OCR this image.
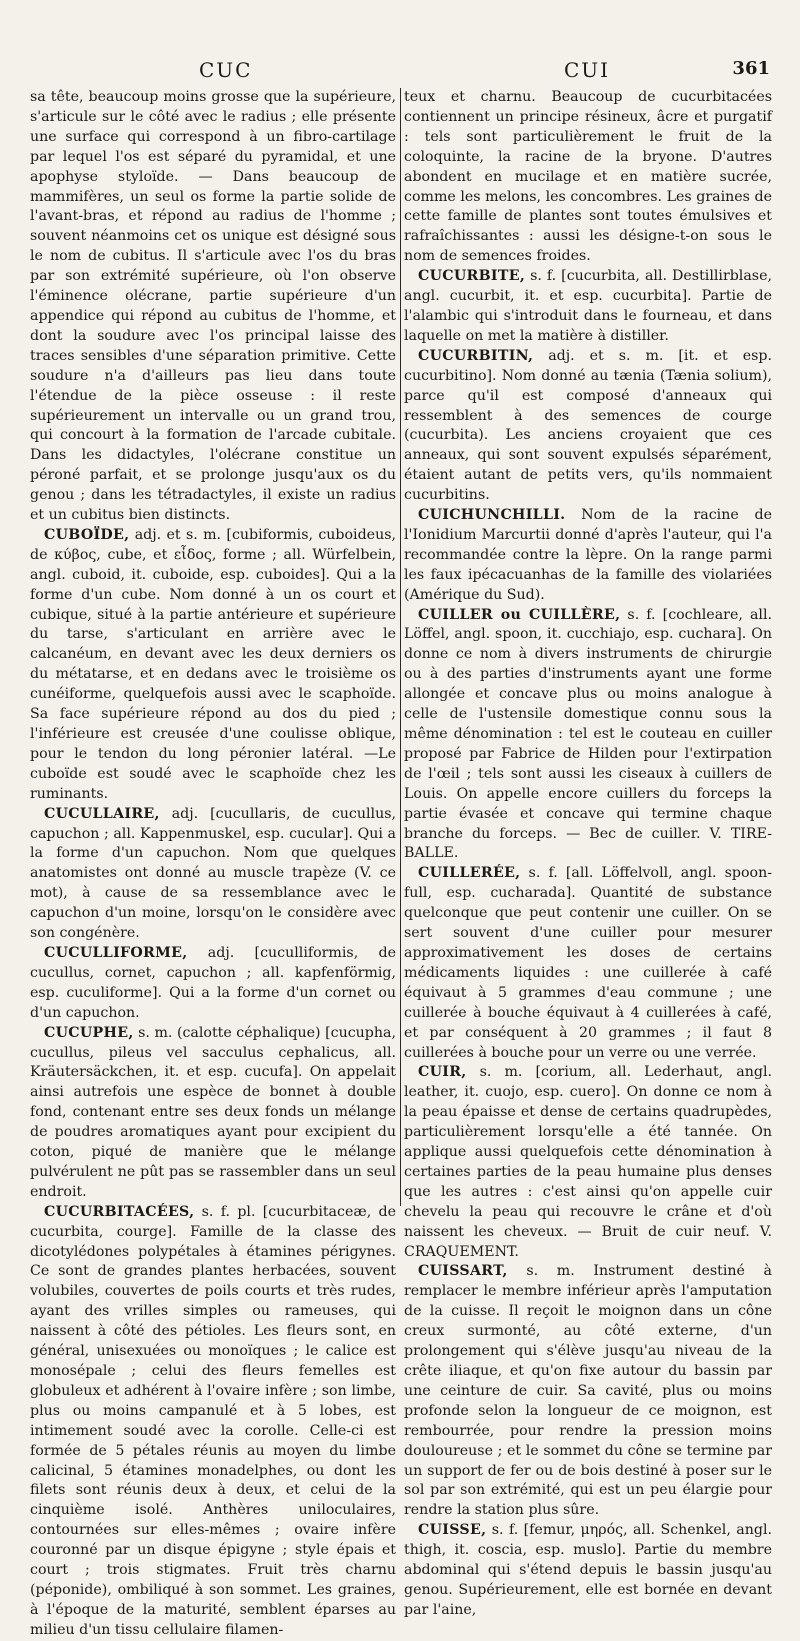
CUC	CUI	361

sa tête, beaucoup moins grosse que la supérieure, s'articule sur le côté avec le radius ; elle présente une surface qui correspond à un fibro-cartilage par lequel l'os est séparé du pyramidal, et une apophyse styloïde. — Dans beaucoup de mammifères, un seul os forme la partie solide de l'avant-bras, et répond au radius de l'homme ; souvent néanmoins cet os unique est désigné sous le nom de cubitus. Il s'articule avec l'os du bras par son extrémité supérieure, où l'on observe l'éminence olécrane, partie supérieure d'un appendice qui répond au cubitus de l'homme, et dont la soudure avec l'os principal laisse des traces sensibles d'une séparation primitive. Cette soudure n'a d'ailleurs pas lieu dans toute l'étendue de la pièce osseuse : il reste supérieurement un intervalle ou un grand trou, qui concourt à la formation de l'arcade cubitale. Dans les didactyles, l'olécrane constitue un péroné parfait, et se prolonge jusqu'aux os du genou ; dans les tétradactyles, il existe un radius et un cubitus bien distincts.

CUBOÏDE, adj. et s. m. [cubiformis, cuboideus, de κύβος, cube, et εἶδος, forme ; all. Würfelbein, angl. cuboid, it. cuboide, esp. cuboides]. Qui a la forme d'un cube. Nom donné à un os court et cubique, situé à la partie antérieure et supérieure du tarse, s'articulant en arrière avec le calcanéum, en devant avec les deux derniers os du métatarse, et en dedans avec le troisième os cunéiforme, quelquefois aussi avec le scaphoïde. Sa face supérieure répond au dos du pied ; l'inférieure est creusée d'une coulisse oblique, pour le tendon du long péronier latéral. —Le cuboïde est soudé avec le scaphoïde chez les ruminants.

CUCULLAIRE, adj. [cucullaris, de cucullus, capuchon ; all. Kappenmuskel, esp. cucular]. Qui a la forme d'un capuchon. Nom que quelques anatomistes ont donné au muscle trapèze (V. ce mot), à cause de sa ressemblance avec le capuchon d'un moine, lorsqu'on le considère avec son congénère.

CUCULLIFORME, adj. [cuculliformis, de cucullus, cornet, capuchon ; all. kapfenförmig, esp. cuculiforme]. Qui a la forme d'un cornet ou d'un capuchon.

CUCUPHE, s. m. (calotte céphalique) [cucupha, cucullus, pileus vel sacculus cephalicus, all. Kräutersäckchen, it. et esp. cucufa]. On appelait ainsi autrefois une espèce de bonnet à double fond, contenant entre ses deux fonds un mélange de poudres aromatiques ayant pour excipient du coton, piqué de manière que le mélange pulvérulent ne pût pas se rassembler dans un seul endroit.

CUCURBITACÉES, s. f. pl. [cucurbitaceæ, de cucurbita, courge]. Famille de la classe des dicotylédones polypétales à étamines périgynes. Ce sont de grandes plantes herbacées, souvent volubiles, couvertes de poils courts et très rudes, ayant des vrilles simples ou rameuses, qui naissent à côté des pétioles. Les fleurs sont, en général, unisexuées ou monoïques ; le calice est monosépale ; celui des fleurs femelles est globuleux et adhérent à l'ovaire infère ; son limbe, plus ou moins campanulé et à 5 lobes, est intimement soudé avec la corolle. Celle-ci est formée de 5 pétales réunis au moyen du limbe calicinal, 5 étamines monadelphes, ou dont les filets sont réunis deux à deux, et celui de la cinquième isolé. Anthères uniloculaires, contournées sur elles-mêmes ; ovaire infère couronné par un disque épigyne ; style épais et court ; trois stigmates. Fruit très charnu (péponide), ombiliqué à son sommet. Les graines, à l'époque de la maturité, semblent éparses au milieu d'un tissu cellulaire filamen-

teux et charnu. Beaucoup de cucurbitacées contiennent un principe résineux, âcre et purgatif : tels sont particulièrement le fruit de la coloquinte, la racine de la bryone. D'autres abondent en mucilage et en matière sucrée, comme les melons, les concombres. Les graines de cette famille de plantes sont toutes émulsives et rafraîchissantes : aussi les désigne-t-on sous le nom de semences froides.

CUCURBITE, s. f. [cucurbita, all. Destillirblase, angl. cucurbit, it. et esp. cucurbita]. Partie de l'alambic qui s'introduit dans le fourneau, et dans laquelle on met la matière à distiller.

CUCURBITIN, adj. et s. m. [it. et esp. cucurbitino]. Nom donné au tænia (Tænia solium), parce qu'il est composé d'anneaux qui ressemblent à des semences de courge (cucurbita). Les anciens croyaient que ces anneaux, qui sont souvent expulsés séparément, étaient autant de petits vers, qu'ils nommaient cucurbitins.

CUICHUNCHILLI. Nom de la racine de l'Ionidium Marcurtii donné d'après l'auteur, qui l'a recommandée contre la lèpre. On la range parmi les faux ipécacuanhas de la famille des violariées (Amérique du Sud).

CUILLER ou CUILLÈRE, s. f. [cochleare, all. Löffel, angl. spoon, it. cucchiajo, esp. cuchara]. On donne ce nom à divers instruments de chirurgie ou à des parties d'instruments ayant une forme allongée et concave plus ou moins analogue à celle de l'ustensile domestique connu sous la même dénomination : tel est le couteau en cuiller proposé par Fabrice de Hilden pour l'extirpation de l'œil ; tels sont aussi les ciseaux à cuillers de Louis. On appelle encore cuillers du forceps la partie évasée et concave qui termine chaque branche du forceps. — Bec de cuiller. V. TIRE-BALLE.

CUILLERÉE, s. f. [all. Löffelvoll, angl. spoon-full, esp. cucharada]. Quantité de substance quelconque que peut contenir une cuiller. On se sert souvent d'une cuiller pour mesurer approximativement les doses de certains médicaments liquides : une cuillerée à café équivaut à 5 grammes d'eau commune ; une cuillerée à bouche équivaut à 4 cuillerées à café, et par conséquent à 20 grammes ; il faut 8 cuillerées à bouche pour un verre ou une verrée.

CUIR, s. m. [corium, all. Lederhaut, angl. leather, it. cuojo, esp. cuero]. On donne ce nom à la peau épaisse et dense de certains quadrupèdes, particulièrement lorsqu'elle a été tannée. On applique aussi quelquefois cette dénomination à certaines parties de la peau humaine plus denses que les autres : c'est ainsi qu'on appelle cuir chevelu la peau qui recouvre le crâne et d'où naissent les cheveux. — Bruit de cuir neuf. V. CRAQUEMENT.

CUISSART, s. m. Instrument destiné à remplacer le membre inférieur après l'amputation de la cuisse. Il reçoit le moignon dans un cône creux surmonté, au côté externe, d'un prolongement qui s'élève jusqu'au niveau de la crête iliaque, et qu'on fixe autour du bassin par une ceinture de cuir. Sa cavité, plus ou moins profonde selon la longueur de ce moignon, est rembourrée, pour rendre la pression moins douloureuse ; et le sommet du cône se termine par un support de fer ou de bois destiné à poser sur le sol par son extrémité, qui est un peu élargie pour rendre la station plus sûre.

CUISSE, s. f. [femur, μηρός, all. Schenkel, angl. thigh, it. coscia, esp. muslo]. Partie du membre abdominal qui s'étend depuis le bassin jusqu'au genou. Supérieurement, elle est bornée en devant par l'aine,
